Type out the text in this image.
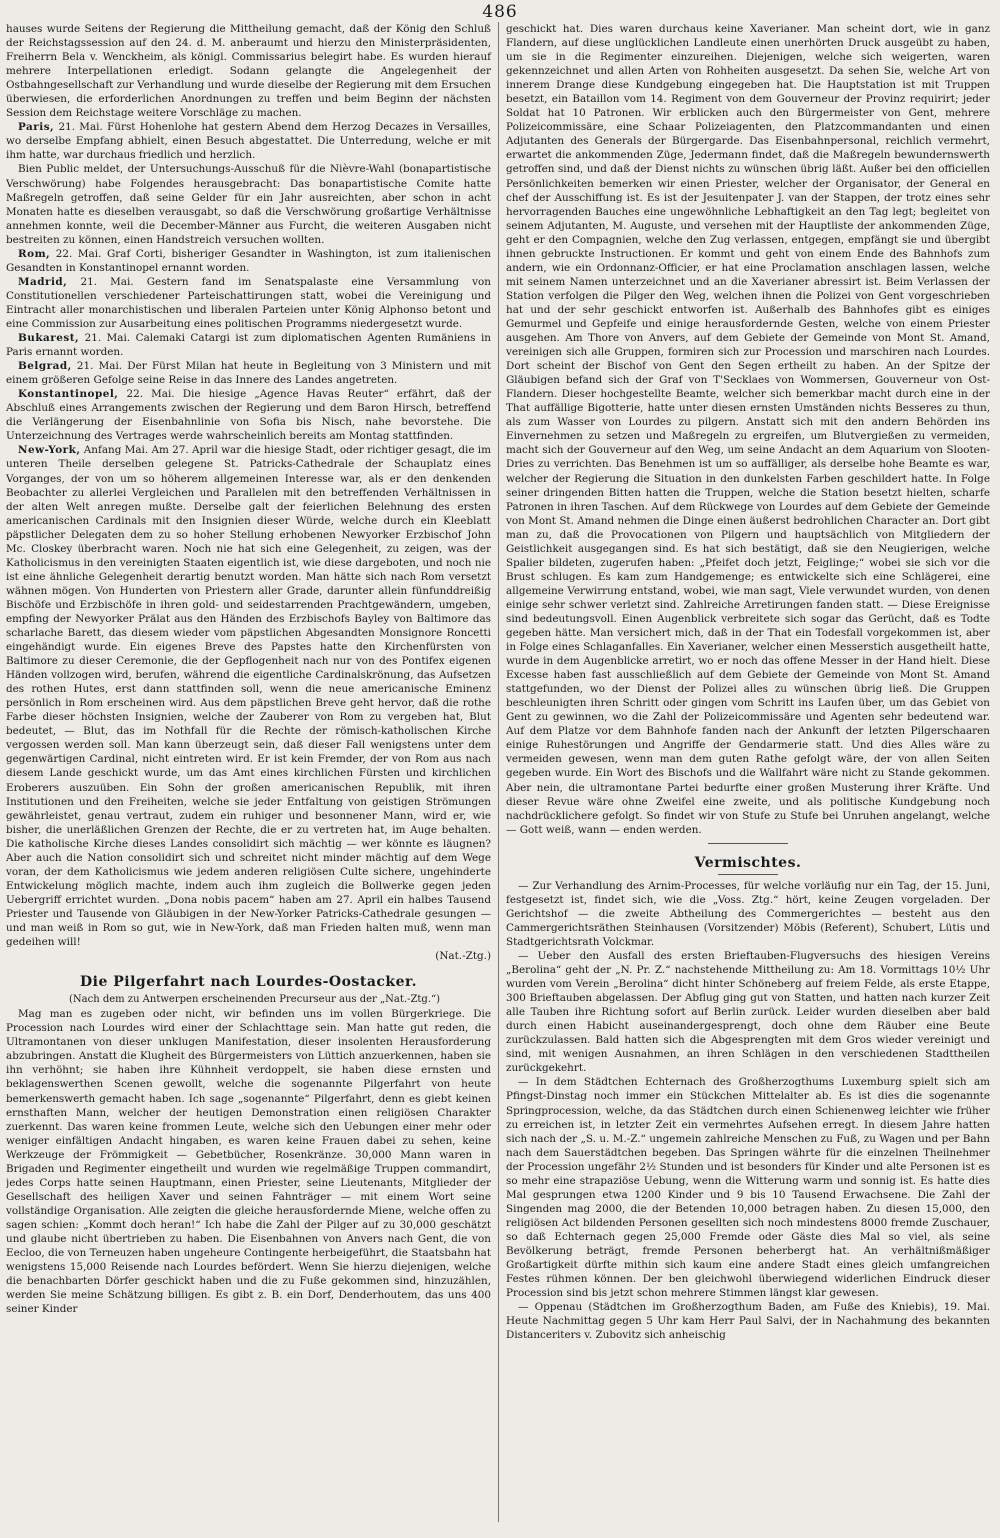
486

hauses wurde Seitens der Regierung die Mittheilung gemacht, daß der König den Schluß der Reichstagssession auf den 24. d. M. anberaumt und hierzu den Ministerpräsidenten, Freiherrn Bela v. Wenckheim, als königl. Commissarius belegirt habe. Es wurden hierauf mehrere Interpellationen erledigt. Sodann gelangte die Angelegenheit der Ostbahngesellschaft zur Verhandlung und wurde dieselbe der Regierung mit dem Ersuchen überwiesen, die erforderlichen Anordnungen zu treffen und beim Beginn der nächsten Session dem Reichstage weitere Vorschläge zu machen.

Paris, 21. Mai. Fürst Hohenlohe hat gestern Abend dem Herzog Decazes in Versailles, wo derselbe Empfang abhielt, einen Besuch abgestattet. Die Unterredung, welche er mit ihm hatte, war durchaus friedlich und herzlich.

Bien Public meldet, der Untersuchungs-Ausschuß für die Nièvre-Wahl (bonapartistische Verschwörung) habe Folgendes herausgebracht: Das bonapartistische Comite hatte Maßregeln getroffen, daß seine Gelder für ein Jahr ausreichten, aber schon in acht Monaten hatte es dieselben verausgabt, so daß die Verschwörung großartige Verhältnisse annehmen konnte, weil die December-Männer aus Furcht, die weiteren Ausgaben nicht bestreiten zu können, einen Handstreich versuchen wollten.

Rom, 22. Mai. Graf Corti, bisheriger Gesandter in Washington, ist zum italienischen Gesandten in Konstantinopel ernannt worden.

Madrid, 21. Mai. Gestern fand im Senatspalaste eine Versammlung von Constitutionellen verschiedener Parteischattirungen statt, wobei die Vereinigung und Eintracht aller monarchistischen und liberalen Parteien unter König Alphonso betont und eine Commission zur Ausarbeitung eines politischen Programms niedergesetzt wurde.

Bukarest, 21. Mai. Calemaki Catargi ist zum diplomatischen Agenten Rumäniens in Paris ernannt worden.

Belgrad, 21. Mai. Der Fürst Milan hat heute in Begleitung von 3 Ministern und mit einem größeren Gefolge seine Reise in das Innere des Landes angetreten.

Konstantinopel, 22. Mai. Die hiesige „Agence Havas Reuter“ erfährt, daß der Abschluß eines Arrangements zwischen der Regierung und dem Baron Hirsch, betreffend die Verlängerung der Eisenbahnlinie von Sofia bis Nisch, nahe bevorstehe. Die Unterzeichnung des Vertrages werde wahrscheinlich bereits am Montag stattfinden.

New-York, Anfang Mai. Am 27. April war die hiesige Stadt, oder richtiger gesagt, die im unteren Theile derselben gelegene St. Patricks-Cathedrale der Schauplatz eines Vorganges, der von um so höherem allgemeinen Interesse war, als er den denkenden Beobachter zu allerlei Vergleichen und Parallelen mit den betreffenden Verhältnissen in der alten Welt anregen mußte. Derselbe galt der feierlichen Belehnung des ersten americanischen Cardinals mit den Insignien dieser Würde, welche durch ein Kleeblatt päpstlicher Delegaten dem zu so hoher Stellung erhobenen Newyorker Erzbischof John Mc. Closkey überbracht waren. Noch nie hat sich eine Gelegenheit, zu zeigen, was der Katholicismus in den vereinigten Staaten eigentlich ist, wie diese dargeboten, und noch nie ist eine ähnliche Gelegenheit derartig benutzt worden. Man hätte sich nach Rom versetzt wähnen mögen. Von Hunderten von Priestern aller Grade, darunter allein fünfunddreißig Bischöfe und Erzbischöfe in ihren gold- und seidestarrenden Prachtgewändern, umgeben, empfing der Newyorker Prälat aus den Händen des Erzbischofs Bayley von Baltimore das scharlache Barett, das diesem wieder vom päpstlichen Abgesandten Monsignore Roncetti eingehändigt wurde. Ein eigenes Breve des Papstes hatte den Kirchenfürsten von Baltimore zu dieser Ceremonie, die der Gepflogenheit nach nur von des Pontifex eigenen Händen vollzogen wird, berufen, während die eigentliche Cardinalskrönung, das Aufsetzen des rothen Hutes, erst dann stattfinden soll, wenn die neue americanische Eminenz persönlich in Rom erscheinen wird. Aus dem päpstlichen Breve geht hervor, daß die rothe Farbe dieser höchsten Insignien, welche der Zauberer von Rom zu vergeben hat, Blut bedeutet, — Blut, das im Nothfall für die Rechte der römisch-katholischen Kirche vergossen werden soll. Man kann überzeugt sein, daß dieser Fall wenigstens unter dem gegenwärtigen Cardinal, nicht eintreten wird. Er ist kein Fremder, der von Rom aus nach diesem Lande geschickt wurde, um das Amt eines kirchlichen Fürsten und kirchlichen Eroberers auszuüben. Ein Sohn der großen americanischen Republik, mit ihren Institutionen und den Freiheiten, welche sie jeder Entfaltung von geistigen Strömungen gewährleistet, genau vertraut, zudem ein ruhiger und besonnener Mann, wird er, wie bisher, die unerläßlichen Grenzen der Rechte, die er zu vertreten hat, im Auge behalten. Die katholische Kirche dieses Landes consolidirt sich mächtig — wer könnte es läugnen? Aber auch die Nation consolidirt sich und schreitet nicht minder mächtig auf dem Wege voran, der dem Katholicismus wie jedem anderen religiösen Culte sichere, ungehinderte Entwickelung möglich machte, indem auch ihm zugleich die Bollwerke gegen jeden Uebergriff errichtet wurden. „Dona nobis pacem“ haben am 27. April ein halbes Tausend Priester und Tausende von Gläubigen in der New-Yorker Patricks-Cathedrale gesungen — und man weiß in Rom so gut, wie in New-York, daß man Frieden halten muß, wenn man gedeihen will!

(Nat.-Ztg.)

Die Pilgerfahrt nach Lourdes-Oostacker.

(Nach dem zu Antwerpen erscheinenden Precurseur aus der „Nat.-Ztg.“)

Mag man es zugeben oder nicht, wir befinden uns im vollen Bürgerkriege. Die Procession nach Lourdes wird einer der Schlachttage sein. Man hatte gut reden, die Ultramontanen von dieser unklugen Manifestation, dieser insolenten Herausforderung abzubringen. Anstatt die Klugheit des Bürgermeisters von Lüttich anzuerkennen, haben sie ihn verhöhnt; sie haben ihre Kühnheit verdoppelt, sie haben diese ernsten und beklagenswerthen Scenen gewollt, welche die sogenannte Pilgerfahrt von heute bemerkenswerth gemacht haben. Ich sage „sogenannte“ Pilgerfahrt, denn es giebt keinen ernsthaften Mann, welcher der heutigen Demonstration einen religiösen Charakter zuerkennt. Das waren keine frommen Leute, welche sich den Uebungen einer mehr oder weniger einfältigen Andacht hingaben, es waren keine Frauen dabei zu sehen, keine Werkzeuge der Frömmigkeit — Gebetbücher, Rosenkränze. 30,000 Mann waren in Brigaden und Regimenter eingetheilt und wurden wie regelmäßige Truppen commandirt, jedes Corps hatte seinen Hauptmann, einen Priester, seine Lieutenants, Mitglieder der Gesellschaft des heiligen Xaver und seinen Fahnträger — mit einem Wort seine vollständige Organisation. Alle zeigten die gleiche herausfordernde Miene, welche offen zu sagen schien: „Kommt doch heran!“ Ich habe die Zahl der Pilger auf zu 30,000 geschätzt und glaube nicht übertrieben zu haben. Die Eisenbahnen von Anvers nach Gent, die von Eecloo, die von Terneuzen haben ungeheure Contingente herbeigeführt, die Staatsbahn hat wenigstens 15,000 Reisende nach Lourdes befördert. Wenn Sie hierzu diejenigen, welche die benachbarten Dörfer geschickt haben und die zu Fuße gekommen sind, hinzuzählen, werden Sie meine Schätzung billigen. Es gibt z. B. ein Dorf, Denderhoutem, das uns 400 seiner Kinder

geschickt hat. Dies waren durchaus keine Xaverianer. Man scheint dort, wie in ganz Flandern, auf diese unglücklichen Landleute einen unerhörten Druck ausgeübt zu haben, um sie in die Regimenter einzureihen. Diejenigen, welche sich weigerten, waren gekennzeichnet und allen Arten von Rohheiten ausgesetzt. Da sehen Sie, welche Art von innerem Drange diese Kundgebung eingegeben hat. Die Hauptstation ist mit Truppen besetzt, ein Bataillon vom 14. Regiment von dem Gouverneur der Provinz requirirt; jeder Soldat hat 10 Patronen. Wir erblicken auch den Bürgermeister von Gent, mehrere Polizeicommissäre, eine Schaar Polizeiagenten, den Platzcommandanten und einen Adjutanten des Generals der Bürgergarde. Das Eisenbahnpersonal, reichlich vermehrt, erwartet die ankommenden Züge, Jedermann findet, daß die Maßregeln bewundernswerth getroffen sind, und daß der Dienst nichts zu wünschen übrig läßt. Außer bei den officiellen Persönlichkeiten bemerken wir einen Priester, welcher der Organisator, der General en chef der Ausschiffung ist. Es ist der Jesuitenpater J. van der Stappen, der trotz eines sehr hervorragenden Bauches eine ungewöhnliche Lebhaftigkeit an den Tag legt; begleitet von seinem Adjutanten, M. Auguste, und versehen mit der Hauptliste der ankommenden Züge, geht er den Compagnien, welche den Zug verlassen, entgegen, empfängt sie und übergibt ihnen gebruckte Instructionen. Er kommt und geht von einem Ende des Bahnhofs zum andern, wie ein Ordonnanz-Officier, er hat eine Proclamation anschlagen lassen, welche mit seinem Namen unterzeichnet und an die Xaverianer abressirt ist. Beim Verlassen der Station verfolgen die Pilger den Weg, welchen ihnen die Polizei von Gent vorgeschrieben hat und der sehr geschickt entworfen ist. Außerhalb des Bahnhofes gibt es einiges Gemurmel und Gepfeife und einige herausfordernde Gesten, welche von einem Priester ausgehen. Am Thore von Anvers, auf dem Gebiete der Gemeinde von Mont St. Amand, vereinigen sich alle Gruppen, formiren sich zur Procession und marschiren nach Lourdes. Dort scheint der Bischof von Gent den Segen ertheilt zu haben. An der Spitze der Gläubigen befand sich der Graf von T'Secklaes von Wommersen, Gouverneur von Ost-Flandern. Dieser hochgestellte Beamte, welcher sich bemerkbar macht durch eine in der That auffällige Bigotterie, hatte unter diesen ernsten Umständen nichts Besseres zu thun, als zum Wasser von Lourdes zu pilgern. Anstatt sich mit den andern Behörden ins Einvernehmen zu setzen und Maßregeln zu ergreifen, um Blutvergießen zu vermeiden, macht sich der Gouverneur auf den Weg, um seine Andacht an dem Aquarium von Slooten-Dries zu verrichten. Das Benehmen ist um so auffälliger, als derselbe hohe Beamte es war, welcher der Regierung die Situation in den dunkelsten Farben geschildert hatte. In Folge seiner dringenden Bitten hatten die Truppen, welche die Station besetzt hielten, scharfe Patronen in ihren Taschen. Auf dem Rückwege von Lourdes auf dem Gebiete der Gemeinde von Mont St. Amand nehmen die Dinge einen äußerst bedrohlichen Character an. Dort gibt man zu, daß die Provocationen von Pilgern und hauptsächlich von Mitgliedern der Geistlichkeit ausgegangen sind. Es hat sich bestätigt, daß sie den Neugierigen, welche Spalier bildeten, zugerufen haben: „Pfeifet doch jetzt, Feiglinge;“ wobei sie sich vor die Brust schlugen. Es kam zum Handgemenge; es entwickelte sich eine Schlägerei, eine allgemeine Verwirrung entstand, wobei, wie man sagt, Viele verwundet wurden, von denen einige sehr schwer verletzt sind. Zahlreiche Arretirungen fanden statt. — Diese Ereignisse sind bedeutungsvoll. Einen Augenblick verbreitete sich sogar das Gerücht, daß es Todte gegeben hätte. Man versichert mich, daß in der That ein Todesfall vorgekommen ist, aber in Folge eines Schlaganfalles. Ein Xaverianer, welcher einen Messerstich ausgetheilt hatte, wurde in dem Augenblicke arretirt, wo er noch das offene Messer in der Hand hielt. Diese Excesse haben fast ausschließlich auf dem Gebiete der Gemeinde von Mont St. Amand stattgefunden, wo der Dienst der Polizei alles zu wünschen übrig ließ. Die Gruppen beschleunigten ihren Schritt oder gingen vom Schritt ins Laufen über, um das Gebiet von Gent zu gewinnen, wo die Zahl der Polizeicommissäre und Agenten sehr bedeutend war. Auf dem Platze vor dem Bahnhofe fanden nach der Ankunft der letzten Pilgerschaaren einige Ruhestörungen und Angriffe der Gendarmerie statt. Und dies Alles wäre zu vermeiden gewesen, wenn man dem guten Rathe gefolgt wäre, der von allen Seiten gegeben wurde. Ein Wort des Bischofs und die Wallfahrt wäre nicht zu Stande gekommen. Aber nein, die ultramontane Partei bedurfte einer großen Musterung ihrer Kräfte. Und dieser Revue wäre ohne Zweifel eine zweite, und als politische Kundgebung noch nachdrücklichere gefolgt. So findet wir von Stufe zu Stufe bei Unruhen angelangt, welche — Gott weiß, wann — enden werden.

Vermischtes.

— Zur Verhandlung des Arnim-Processes, für welche vorläufig nur ein Tag, der 15. Juni, festgesetzt ist, findet sich, wie die „Voss. Ztg.“ hört, keine Zeugen vorgeladen. Der Gerichtshof — die zweite Abtheilung des Commergerichtes — besteht aus den Cammergerichtsräthen Steinhausen (Vorsitzender) Möbis (Referent), Schubert, Lütis und Stadtgerichtsrath Volckmar.

— Ueber den Ausfall des ersten Brieftauben-Flugversuchs des hiesigen Vereins „Berolina“ geht der „N. Pr. Z.“ nachstehende Mittheilung zu: Am 18. Vormittags 10½ Uhr wurden vom Verein „Berolina“ dicht hinter Schöneberg auf freiem Felde, als erste Etappe, 300 Brieftauben abgelassen. Der Abflug ging gut von Statten, und hatten nach kurzer Zeit alle Tauben ihre Richtung sofort auf Berlin zurück. Leider wurden dieselben aber bald durch einen Habicht auseinandergesprengt, doch ohne dem Räuber eine Beute zurückzulassen. Bald hatten sich die Abgesprengten mit dem Gros wieder vereinigt und sind, mit wenigen Ausnahmen, an ihren Schlägen in den verschiedenen Stadttheilen zurückgekehrt.

— In dem Städtchen Echternach des Großherzogthums Luxemburg spielt sich am Pfingst-Dinstag noch immer ein Stückchen Mittelalter ab. Es ist dies die sogenannte Springprocession, welche, da das Städtchen durch einen Schienenweg leichter wie früher zu erreichen ist, in letzter Zeit ein vermehrtes Aufsehen erregt. In diesem Jahre hatten sich nach der „S. u. M.-Z.“ ungemein zahlreiche Menschen zu Fuß, zu Wagen und per Bahn nach dem Sauerstädtchen begeben. Das Springen währte für die einzelnen Theilnehmer der Procession ungefähr 2½ Stunden und ist besonders für Kinder und alte Personen ist es so mehr eine strapaziöse Uebung, wenn die Witterung warm und sonnig ist. Es hatte dies Mal gesprungen etwa 1200 Kinder und 9 bis 10 Tausend Erwachsene. Die Zahl der Singenden mag 2000, die der Betenden 10,000 betragen haben. Zu diesen 15,000, den religiösen Act bildenden Personen gesellten sich noch mindestens 8000 fremde Zuschauer, so daß Echternach gegen 25,000 Fremde oder Gäste dies Mal so viel, als seine Bevölkerung beträgt, fremde Personen beherbergt hat. An verhältnißmäßiger Großartigkeit dürfte mithin sich kaum eine andere Stadt eines gleich umfangreichen Festes rühmen können. Der ben gleichwohl überwiegend widerlichen Eindruck dieser Procession sind bis jetzt schon mehrere Stimmen längst klar gewesen.

— Oppenau (Städtchen im Großherzogthum Baden, am Fuße des Kniebis), 19. Mai. Heute Nachmittag gegen 5 Uhr kam Herr Paul Salvi, der in Nachahmung des bekannten Distanceriters v. Zubovitz sich anheischig
